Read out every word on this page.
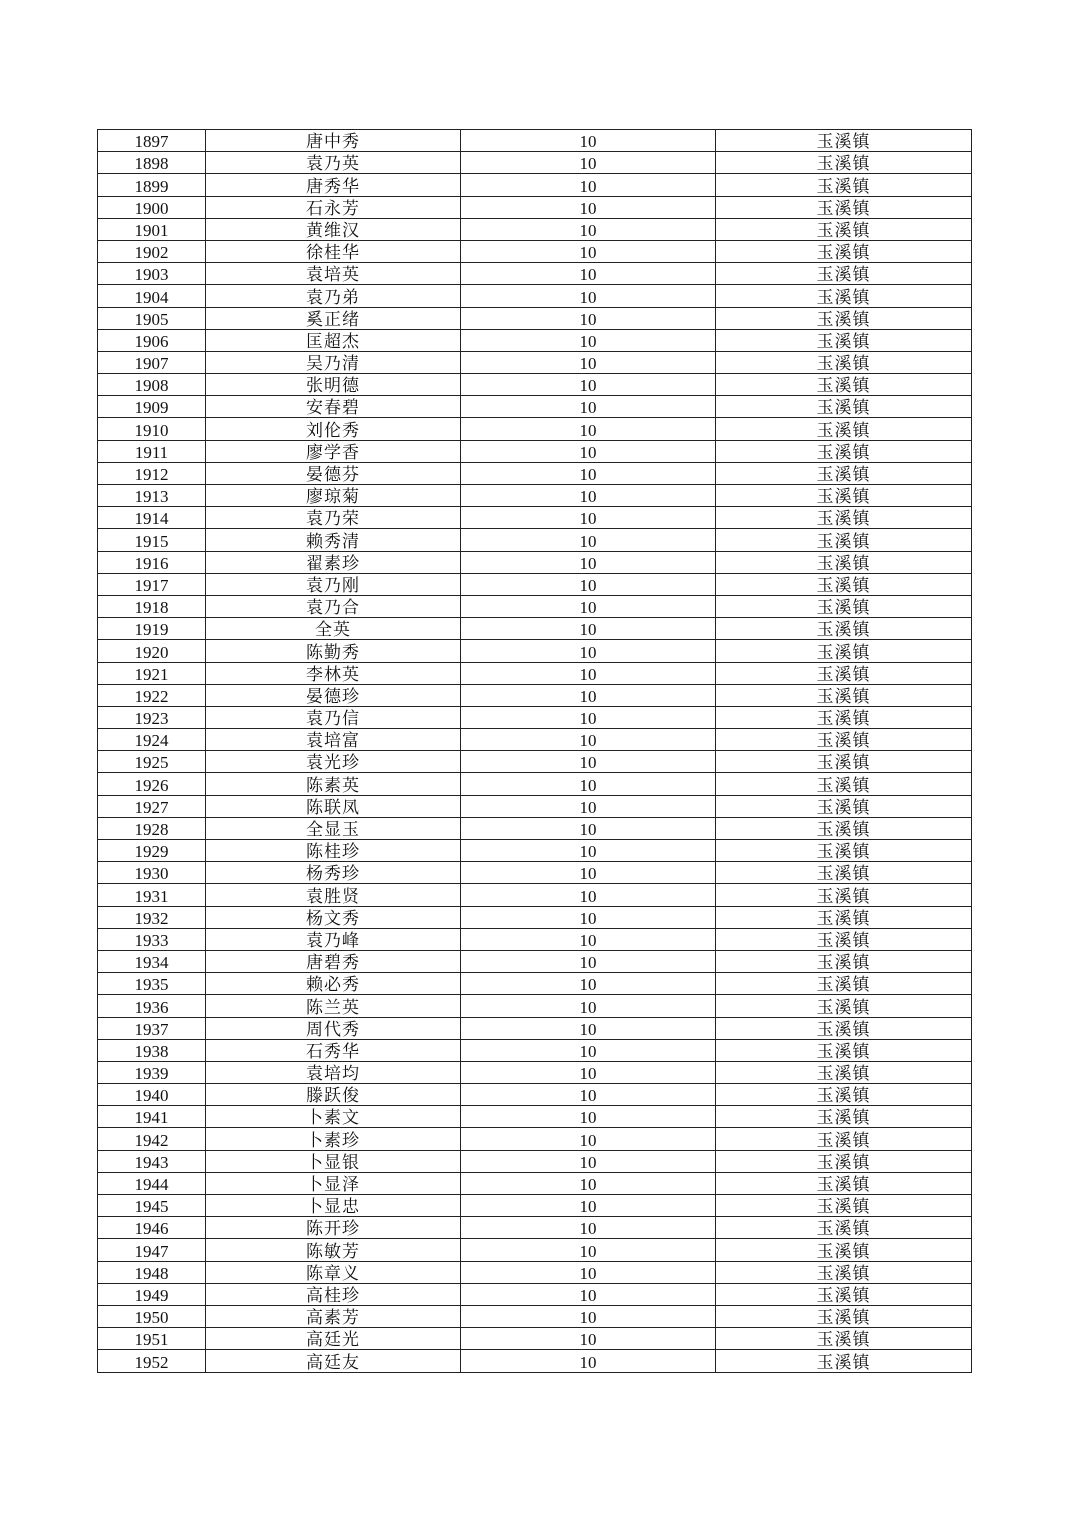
1897	唐中秀	10	玉溪镇
1898	袁乃英	10	玉溪镇
1899	唐秀华	10	玉溪镇
1900	石永芳	10	玉溪镇
1901	黄维汉	10	玉溪镇
1902	徐桂华	10	玉溪镇
1903	袁培英	10	玉溪镇
1904	袁乃弟	10	玉溪镇
1905	奚正绪	10	玉溪镇
1906	匡超杰	10	玉溪镇
1907	吴乃清	10	玉溪镇
1908	张明德	10	玉溪镇
1909	安春碧	10	玉溪镇
1910	刘伦秀	10	玉溪镇
1911	廖学香	10	玉溪镇
1912	晏德芬	10	玉溪镇
1913	廖琼菊	10	玉溪镇
1914	袁乃荣	10	玉溪镇
1915	赖秀清	10	玉溪镇
1916	翟素珍	10	玉溪镇
1917	袁乃刚	10	玉溪镇
1918	袁乃合	10	玉溪镇
1919	全英	10	玉溪镇
1920	陈勤秀	10	玉溪镇
1921	李林英	10	玉溪镇
1922	晏德珍	10	玉溪镇
1923	袁乃信	10	玉溪镇
1924	袁培富	10	玉溪镇
1925	袁光珍	10	玉溪镇
1926	陈素英	10	玉溪镇
1927	陈联凤	10	玉溪镇
1928	全显玉	10	玉溪镇
1929	陈桂珍	10	玉溪镇
1930	杨秀珍	10	玉溪镇
1931	袁胜贤	10	玉溪镇
1932	杨文秀	10	玉溪镇
1933	袁乃峰	10	玉溪镇
1934	唐碧秀	10	玉溪镇
1935	赖必秀	10	玉溪镇
1936	陈兰英	10	玉溪镇
1937	周代秀	10	玉溪镇
1938	石秀华	10	玉溪镇
1939	袁培均	10	玉溪镇
1940	滕跃俊	10	玉溪镇
1941	卜素文	10	玉溪镇
1942	卜素珍	10	玉溪镇
1943	卜显银	10	玉溪镇
1944	卜显泽	10	玉溪镇
1945	卜显忠	10	玉溪镇
1946	陈开珍	10	玉溪镇
1947	陈敏芳	10	玉溪镇
1948	陈章义	10	玉溪镇
1949	高桂珍	10	玉溪镇
1950	高素芳	10	玉溪镇
1951	高廷光	10	玉溪镇
1952	高廷友	10	玉溪镇
